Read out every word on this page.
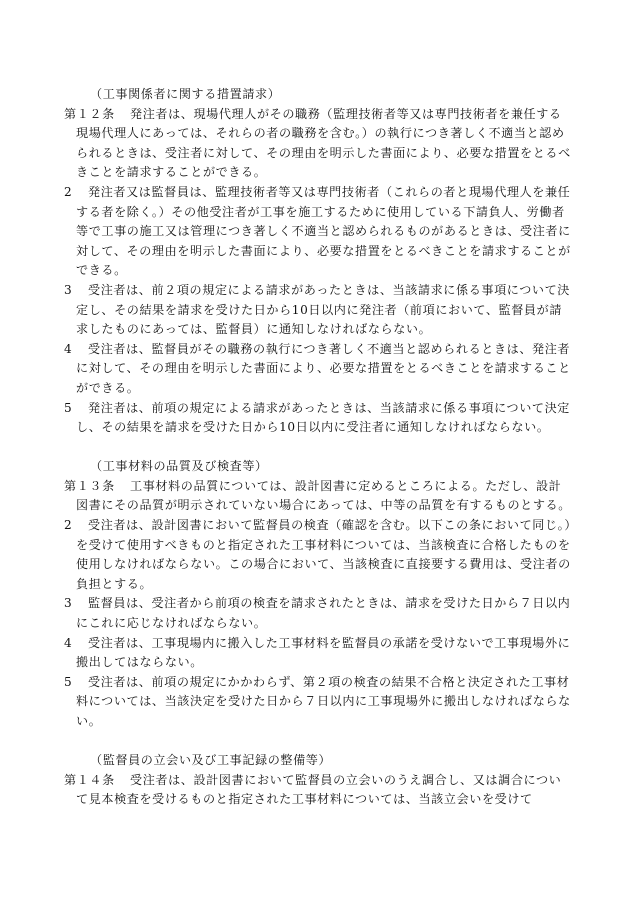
（工事関係者に関する措置請求）

第１２条 発注者は、現場代理人がその職務（監理技術者等又は専門技術者を兼任する現場代理人にあっては、それらの者の職務を含む。）の執行につき著しく不適当と認められるときは、受注者に対して、その理由を明示した書面により、必要な措置をとるべきことを請求することができる。

2 発注者又は監督員は、監理技術者等又は専門技術者（これらの者と現場代理人を兼任する者を除く。）その他受注者が工事を施工するために使用している下請負人、労働者等で工事の施工又は管理につき著しく不適当と認められるものがあるときは、受注者に対して、その理由を明示した書面により、必要な措置をとるべきことを請求することができる。

3 受注者は、前２項の規定による請求があったときは、当該請求に係る事項について決定し、その結果を請求を受けた日から10日以内に発注者（前項において、監督員が請求したものにあっては、監督員）に通知しなければならない。

4 受注者は、監督員がその職務の執行につき著しく不適当と認められるときは、発注者に対して、その理由を明示した書面により、必要な措置をとるべきことを請求することができる。

5 発注者は、前項の規定による請求があったときは、当該請求に係る事項について決定し、その結果を請求を受けた日から10日以内に受注者に通知しなければならない。

（工事材料の品質及び検査等）

第１３条 工事材料の品質については、設計図書に定めるところによる。ただし、設計図書にその品質が明示されていない場合にあっては、中等の品質を有するものとする。

2 受注者は、設計図書において監督員の検査（確認を含む。以下この条において同じ。）を受けて使用すべきものと指定された工事材料については、当該検査に合格したものを使用しなければならない。この場合において、当該検査に直接要する費用は、受注者の負担とする。

3 監督員は、受注者から前項の検査を請求されたときは、請求を受けた日から７日以内にこれに応じなければならない。

4 受注者は、工事現場内に搬入した工事材料を監督員の承諾を受けないで工事現場外に搬出してはならない。

5 受注者は、前項の規定にかかわらず、第２項の検査の結果不合格と決定された工事材料については、当該決定を受けた日から７日以内に工事現場外に搬出しなければならない。

（監督員の立会い及び工事記録の整備等）

第１４条 受注者は、設計図書において監督員の立会いのうえ調合し、又は調合について見本検査を受けるものと指定された工事材料については、当該立会いを受けて
